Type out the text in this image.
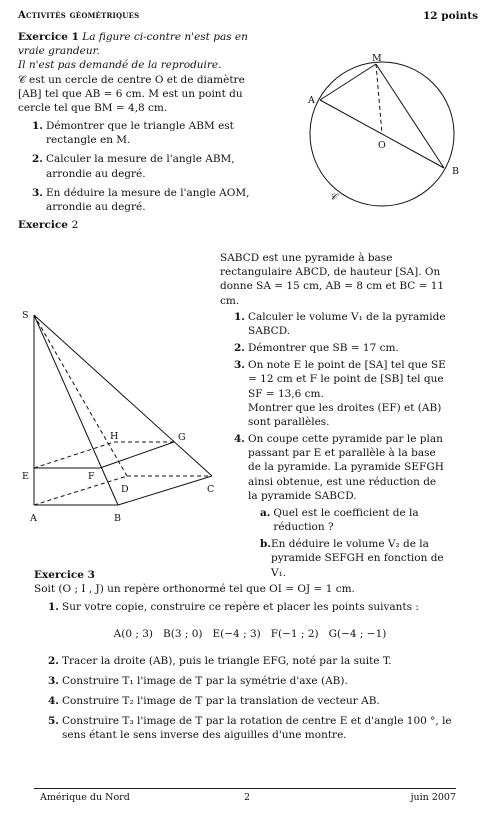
Activités géométriques	12 points
Exercice 1 La figure ci-contre n'est pas en vraie grandeur.
Il n'est pas demandé de la reproduire.
𝒞 est un cercle de centre O et de diamètre [AB] tel que AB = 6 cm. M est un point du cercle tel que BM = 4,8 cm.
1. Démontrer que le triangle ABM est rectangle en M.
2. Calculer la mesure de l'angle ABM, arrondie au degré.
3. En déduire la mesure de l'angle AOM, arrondie au degré.
M
A
O
B
𝒞
Exercice 2
SABCD est une pyramide à base rectangulaire ABCD, de hauteur [SA]. On donne SA = 15 cm, AB = 8 cm et BC = 11 cm.
1. Calculer le volume V₁ de la pyramide SABCD.
2. Démontrer que SB = 17 cm.
3. On note E le point de [SA] tel que SE = 12 cm et F le point de [SB] tel que SF = 13,6 cm.
Montrer que les droites (EF) et (AB) sont parallèles.
4. On coupe cette pyramide par le plan passant par E et parallèle à la base de la pyramide. La pyramide SEFGH ainsi obtenue, est une réduction de la pyramide SABCD.
a. Quel est le coefficient de la réduction ?
b. En déduire le volume V₂ de la pyramide SEFGH en fonction de V₁.
S
H	G
E	F
D	C
A	B
Exercice 3
Soit (O ; I , J) un repère orthonormé tel que OI = OJ = 1 cm.
1. Sur votre copie, construire ce repère et placer les points suivants :
A(0 ; 3)   B(3 ; 0)   E(−4 ; 3)   F(−1 ; 2)   G(−4 ; −1)
2. Tracer la droite (AB), puis le triangle EFG, noté par la suite T.
3. Construire T₁ l'image de T par la symétrie d'axe (AB).
4. Construire T₂ l'image de T par la translation de vecteur AB.
5. Construire T₃ l'image de T par la rotation de centre E et d'angle 100 °, le sens étant le sens inverse des aiguilles d'une montre.
Amérique du Nord	2	juin 2007
